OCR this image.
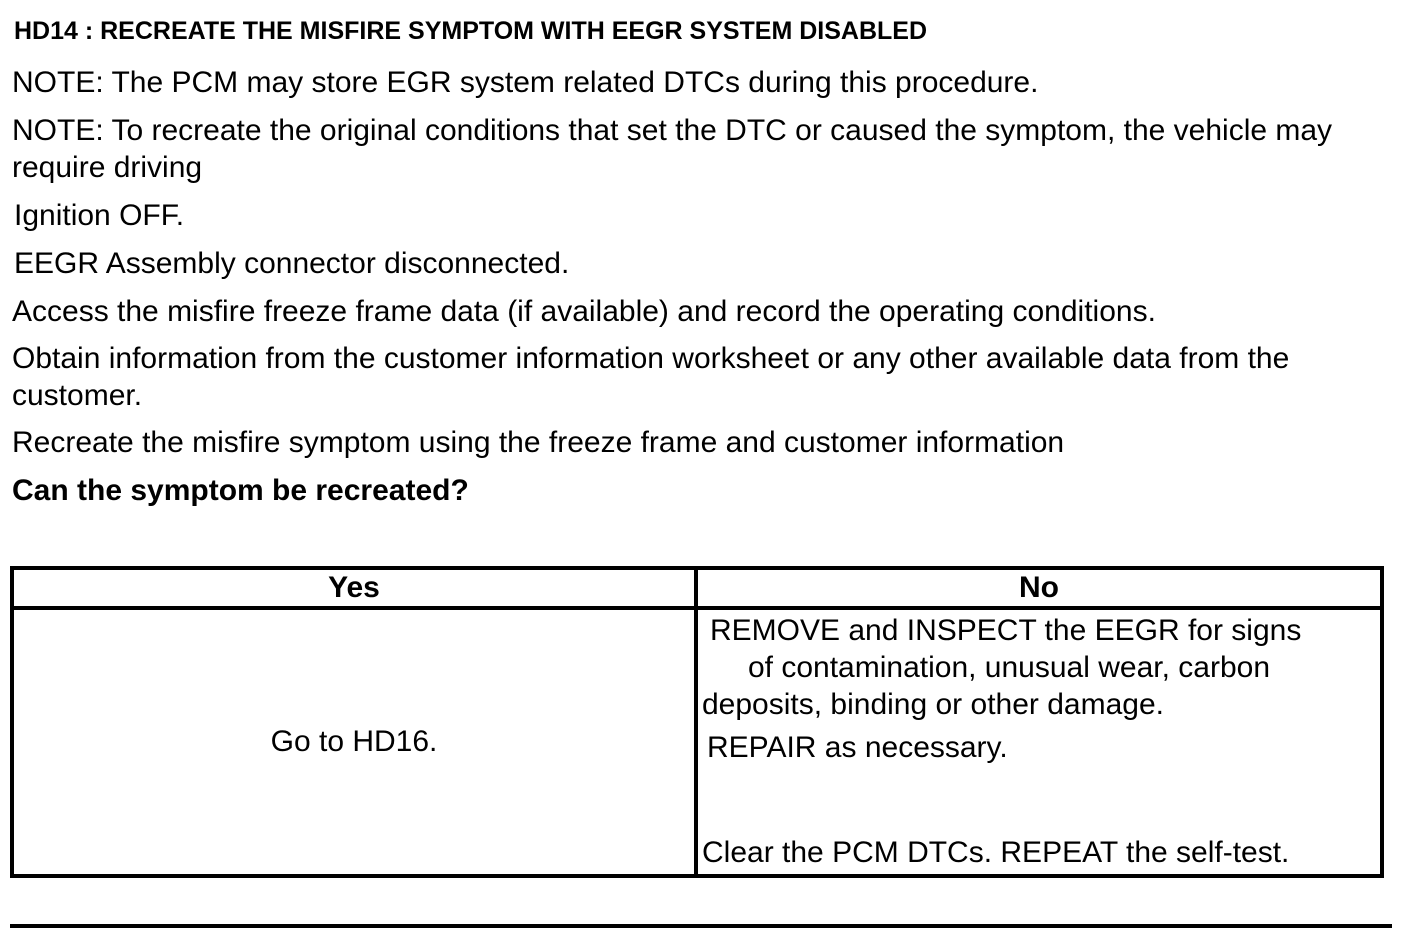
HD14 : RECREATE THE MISFIRE SYMPTOM WITH EEGR SYSTEM DISABLED
NOTE: The PCM may store EGR system related DTCs during this procedure.
NOTE: To recreate the original conditions that set the DTC or caused the symptom, the vehicle may require driving
Ignition OFF.
EEGR Assembly connector disconnected.
Access the misfire freeze frame data (if available) and record the operating conditions.
Obtain information from the customer information worksheet or any other available data from the customer.
Recreate the misfire symptom using the freeze frame and customer information
Can the symptom be recreated?
Yes	No
Go to HD16.	REMOVE and INSPECT the EEGR for signs
of contamination, unusual wear, carbon
deposits, binding or other damage.
REPAIR as necessary.
Clear the PCM DTCs. REPEAT the self-test.
